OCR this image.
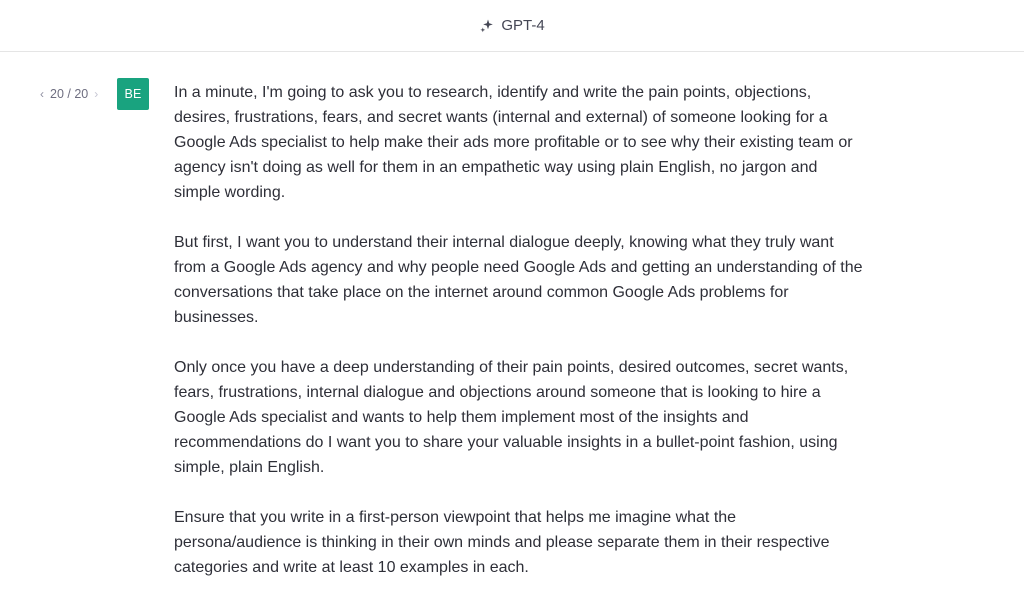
GPT-4
‹ 20 / 20 ›	BE	In a minute, I'm going to ask you to research, identify and write the pain points, objections, desires, frustrations, fears, and secret wants (internal and external) of someone looking for a Google Ads specialist to help make their ads more profitable or to see why their existing team or agency isn't doing as well for them in an empathetic way using plain English, no jargon and simple wording.

But first, I want you to understand their internal dialogue deeply, knowing what they truly want from a Google Ads agency and why people need Google Ads and getting an understanding of the conversations that take place on the internet around common Google Ads problems for businesses.

Only once you have a deep understanding of their pain points, desired outcomes, secret wants, fears, frustrations, internal dialogue and objections around someone that is looking to hire a Google Ads specialist and wants to help them implement most of the insights and recommendations do I want you to share your valuable insights in a bullet-point fashion, using simple, plain English.

Ensure that you write in a first-person viewpoint that helps me imagine what the persona/audience is thinking in their own minds and please separate them in their respective categories and write at least 10 examples in each.
